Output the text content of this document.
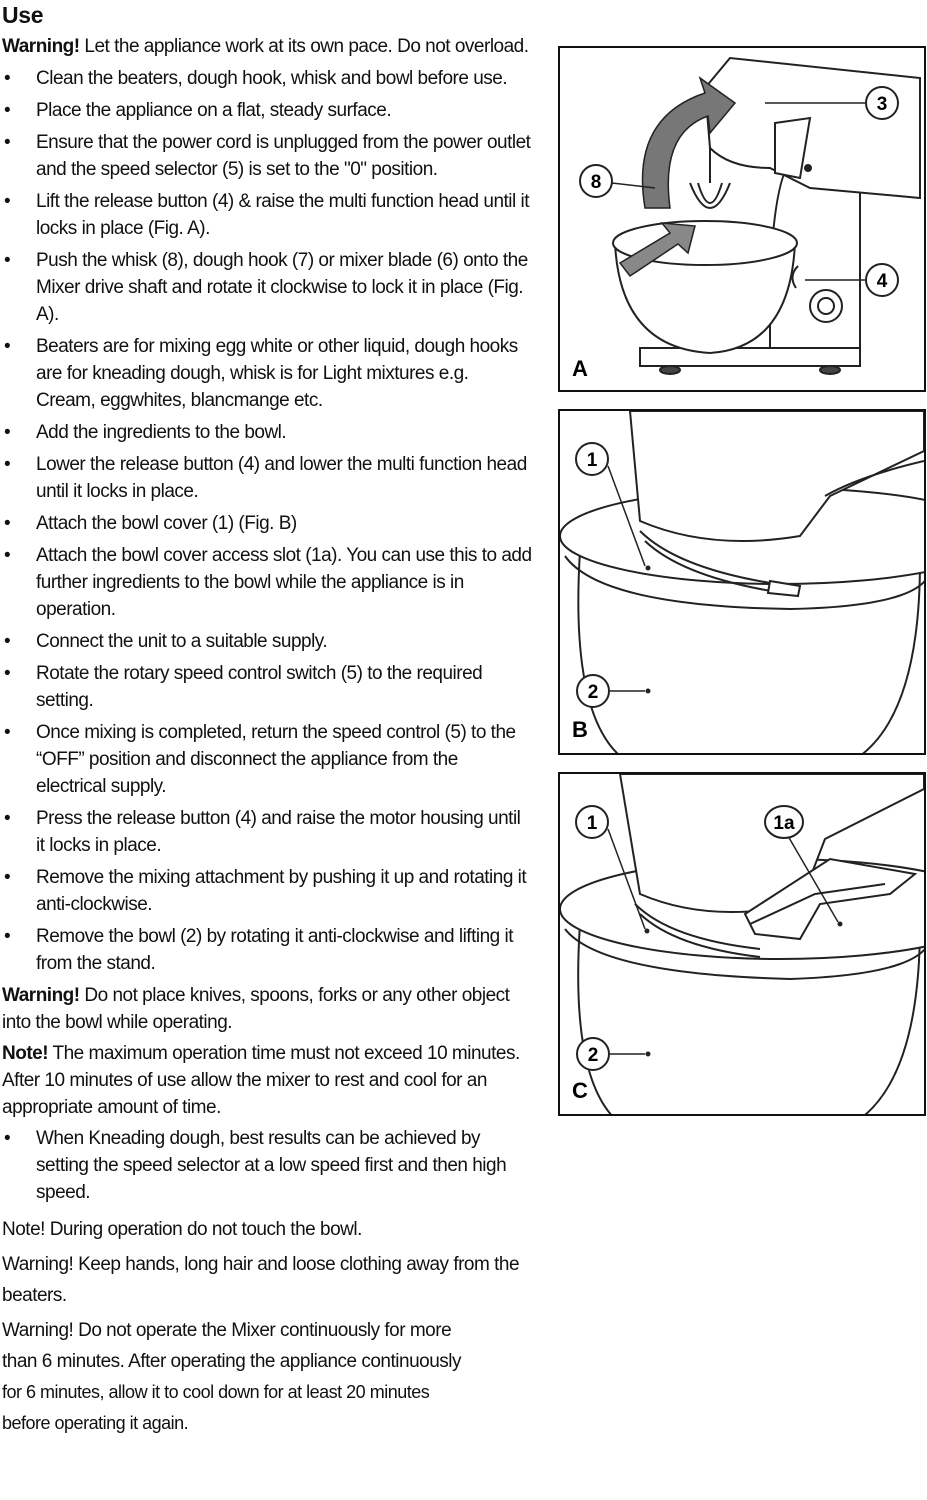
Use

Warning! Let the appliance work at its own pace. Do not overload.

• Clean the beaters, dough hook, whisk and bowl before use.
• Place the appliance on a flat, steady surface.
• Ensure that the power cord is unplugged from the power outlet and the speed selector (5) is set to the "0" position.
• Lift the release button (4) & raise the multi function head until it locks in place (Fig. A).
• Push the whisk (8), dough hook (7) or mixer blade (6) onto the Mixer drive shaft and rotate it clockwise to lock it in place (Fig. A).
• Beaters are for mixing egg white or other liquid, dough hooks are for kneading dough, whisk is for Light mixtures e.g. Cream, eggwhites, blancmange etc.
• Add the ingredients to the bowl.
• Lower the release button (4) and lower the multi function head until it locks in place.
• Attach the bowl cover (1) (Fig. B)
• Attach the bowl cover access slot (1a). You can use this to add further ingredients to the bowl while the appliance is in operation.
• Connect the unit to a suitable supply.
• Rotate the rotary speed control switch (5) to the required setting.
• Once mixing is completed, return the speed control (5) to the “OFF” position and disconnect the appliance from the electrical supply.
• Press the release button (4) and raise the motor housing until it locks in place.
• Remove the mixing attachment by pushing it up and rotating it anti-clockwise.
• Remove the bowl (2) by rotating it anti-clockwise and lifting it from the stand.

Warning! Do not place knives, spoons, forks or any other object into the bowl while operating.

Note! The maximum operation time must not exceed 10 minutes. After 10 minutes of use allow the mixer to rest and cool for an appropriate amount of time.

• When Kneading dough, best results can be achieved by setting the speed selector at a low speed first and then high speed.

Note! During operation do not touch the bowl.

Warning! Keep hands, long hair and loose clothing away from the beaters.

Warning! Do not operate the Mixer continuously for more
than 6 minutes. After operating the appliance continuously
for 6 minutes, allow it to cool down for at least 20 minutes
before operating it again.
3
8
4
A
1
2
B
1	1a
2
C
